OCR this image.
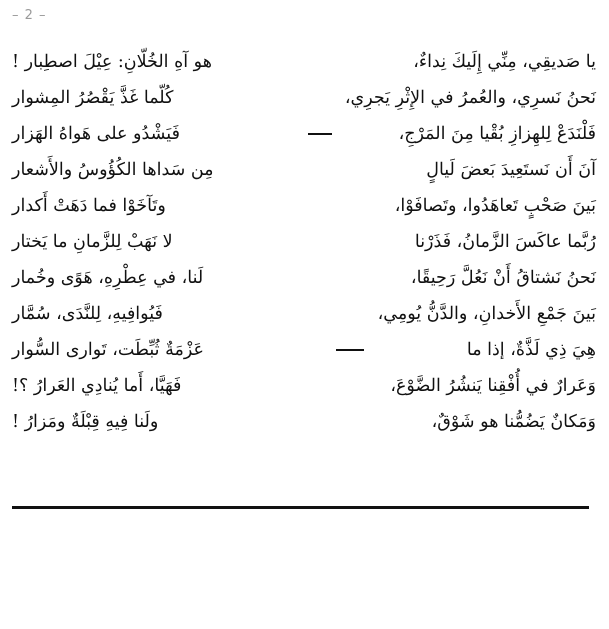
– 2 –
يا صَديقِي، مِنِّي إِلَيكَ نِداءٌ،
هو آهِ الخُلّانِ: عِيْلَ اصطِبار !
نَحنُ نَسرِي، والعُمرُ في الإِثْرِ يَجرِي،
كُلّما غَذَّ يَقْصُرُ المِشوار
فَلْنَدَعْ لِلهِزازِ بُقْيا مِنَ المَرْجِ،
فَيَشْدُو على هَواهُ الهَزار
آنَ أَن نَستَعِيدَ بَعضَ لَيالٍ
مِن سَداها الكُؤُوسُ والأَشعار
بَينَ صَحْبٍ تَعاهَدُوا، وتَصافَوْا،
وتَآخَوْا فما دَهَتْ أَكدار
رُبَّما عاكَسَ الزَّمانُ، فَذَرْنا
لا نَهَبْ لِلزَّمانِ ما يَختار
نَحنُ نَشتاقُ أَنْ نَعُلَّ رَحِيقًا،
لَنا، في عِطْرِهِ، هَوًى وخُمار
بَينَ جَمْعِ الأَخدانِ، والدَّنُّ يُومِي،
فَيُوافِيهِ، لِلنَّدَى، سُمَّار
هِيَ ذِي لَذَّةٌ، إذا ما
عَزْمَةٌ ثُبِّطَت، تَوارى السُّوار
وَعَرارٌ في أُفْقِنا يَنشُرُ الضَّوْعَ،
فَهَيَّا، أَما يُنادِي العَرارُ ؟!
وَمَكانٌ يَضُمُّنا هو شَوْقٌ،
ولَنا فِيهِ قِبْلَةٌ ومَزارُ !
